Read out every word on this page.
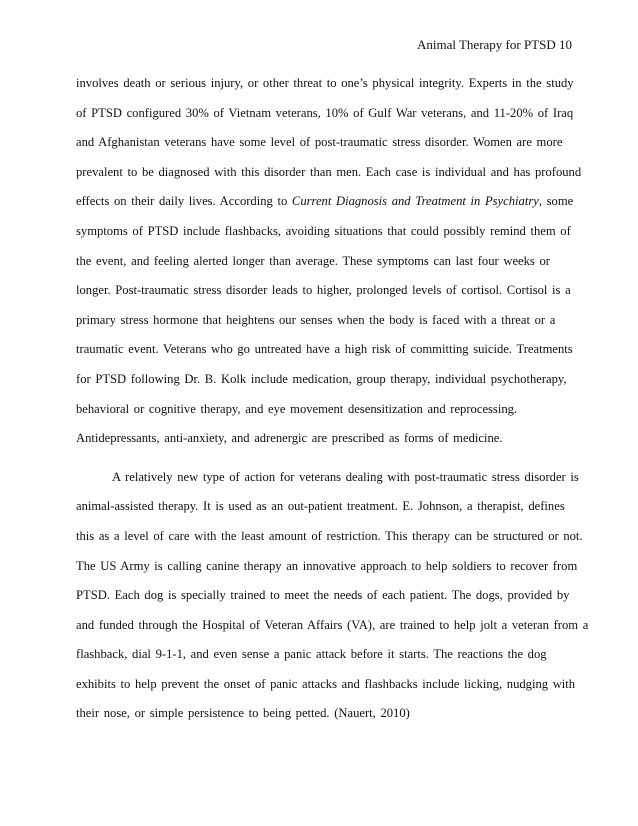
Animal Therapy for PTSD 10
involves death or serious injury, or other threat to one’s physical integrity. Experts in the study
of PTSD configured 30% of Vietnam veterans, 10% of Gulf War veterans, and 11-20% of Iraq
and Afghanistan veterans have some level of post-traumatic stress disorder. Women are more
prevalent to be diagnosed with this disorder than men. Each case is individual and has profound
effects on their daily lives. According to Current Diagnosis and Treatment in Psychiatry, some
symptoms of PTSD include flashbacks, avoiding situations that could possibly remind them of
the event, and feeling alerted longer than average. These symptoms can last four weeks or
longer. Post-traumatic stress disorder leads to higher, prolonged levels of cortisol. Cortisol is a
primary stress hormone that heightens our senses when the body is faced with a threat or a
traumatic event. Veterans who go untreated have a high risk of committing suicide. Treatments
for PTSD following Dr. B. Kolk include medication, group therapy, individual psychotherapy,
behavioral or cognitive therapy, and eye movement desensitization and reprocessing.
Antidepressants, anti-anxiety, and adrenergic are prescribed as forms of medicine.
A relatively new type of action for veterans dealing with post-traumatic stress disorder is
animal-assisted therapy. It is used as an out-patient treatment. E. Johnson, a therapist, defines
this as a level of care with the least amount of restriction. This therapy can be structured or not.
The US Army is calling canine therapy an innovative approach to help soldiers to recover from
PTSD. Each dog is specially trained to meet the needs of each patient. The dogs, provided by
and funded through the Hospital of Veteran Affairs (VA), are trained to help jolt a veteran from a
flashback, dial 9-1-1, and even sense a panic attack before it starts. The reactions the dog
exhibits to help prevent the onset of panic attacks and flashbacks include licking, nudging with
their nose, or simple persistence to being petted. (Nauert, 2010)
